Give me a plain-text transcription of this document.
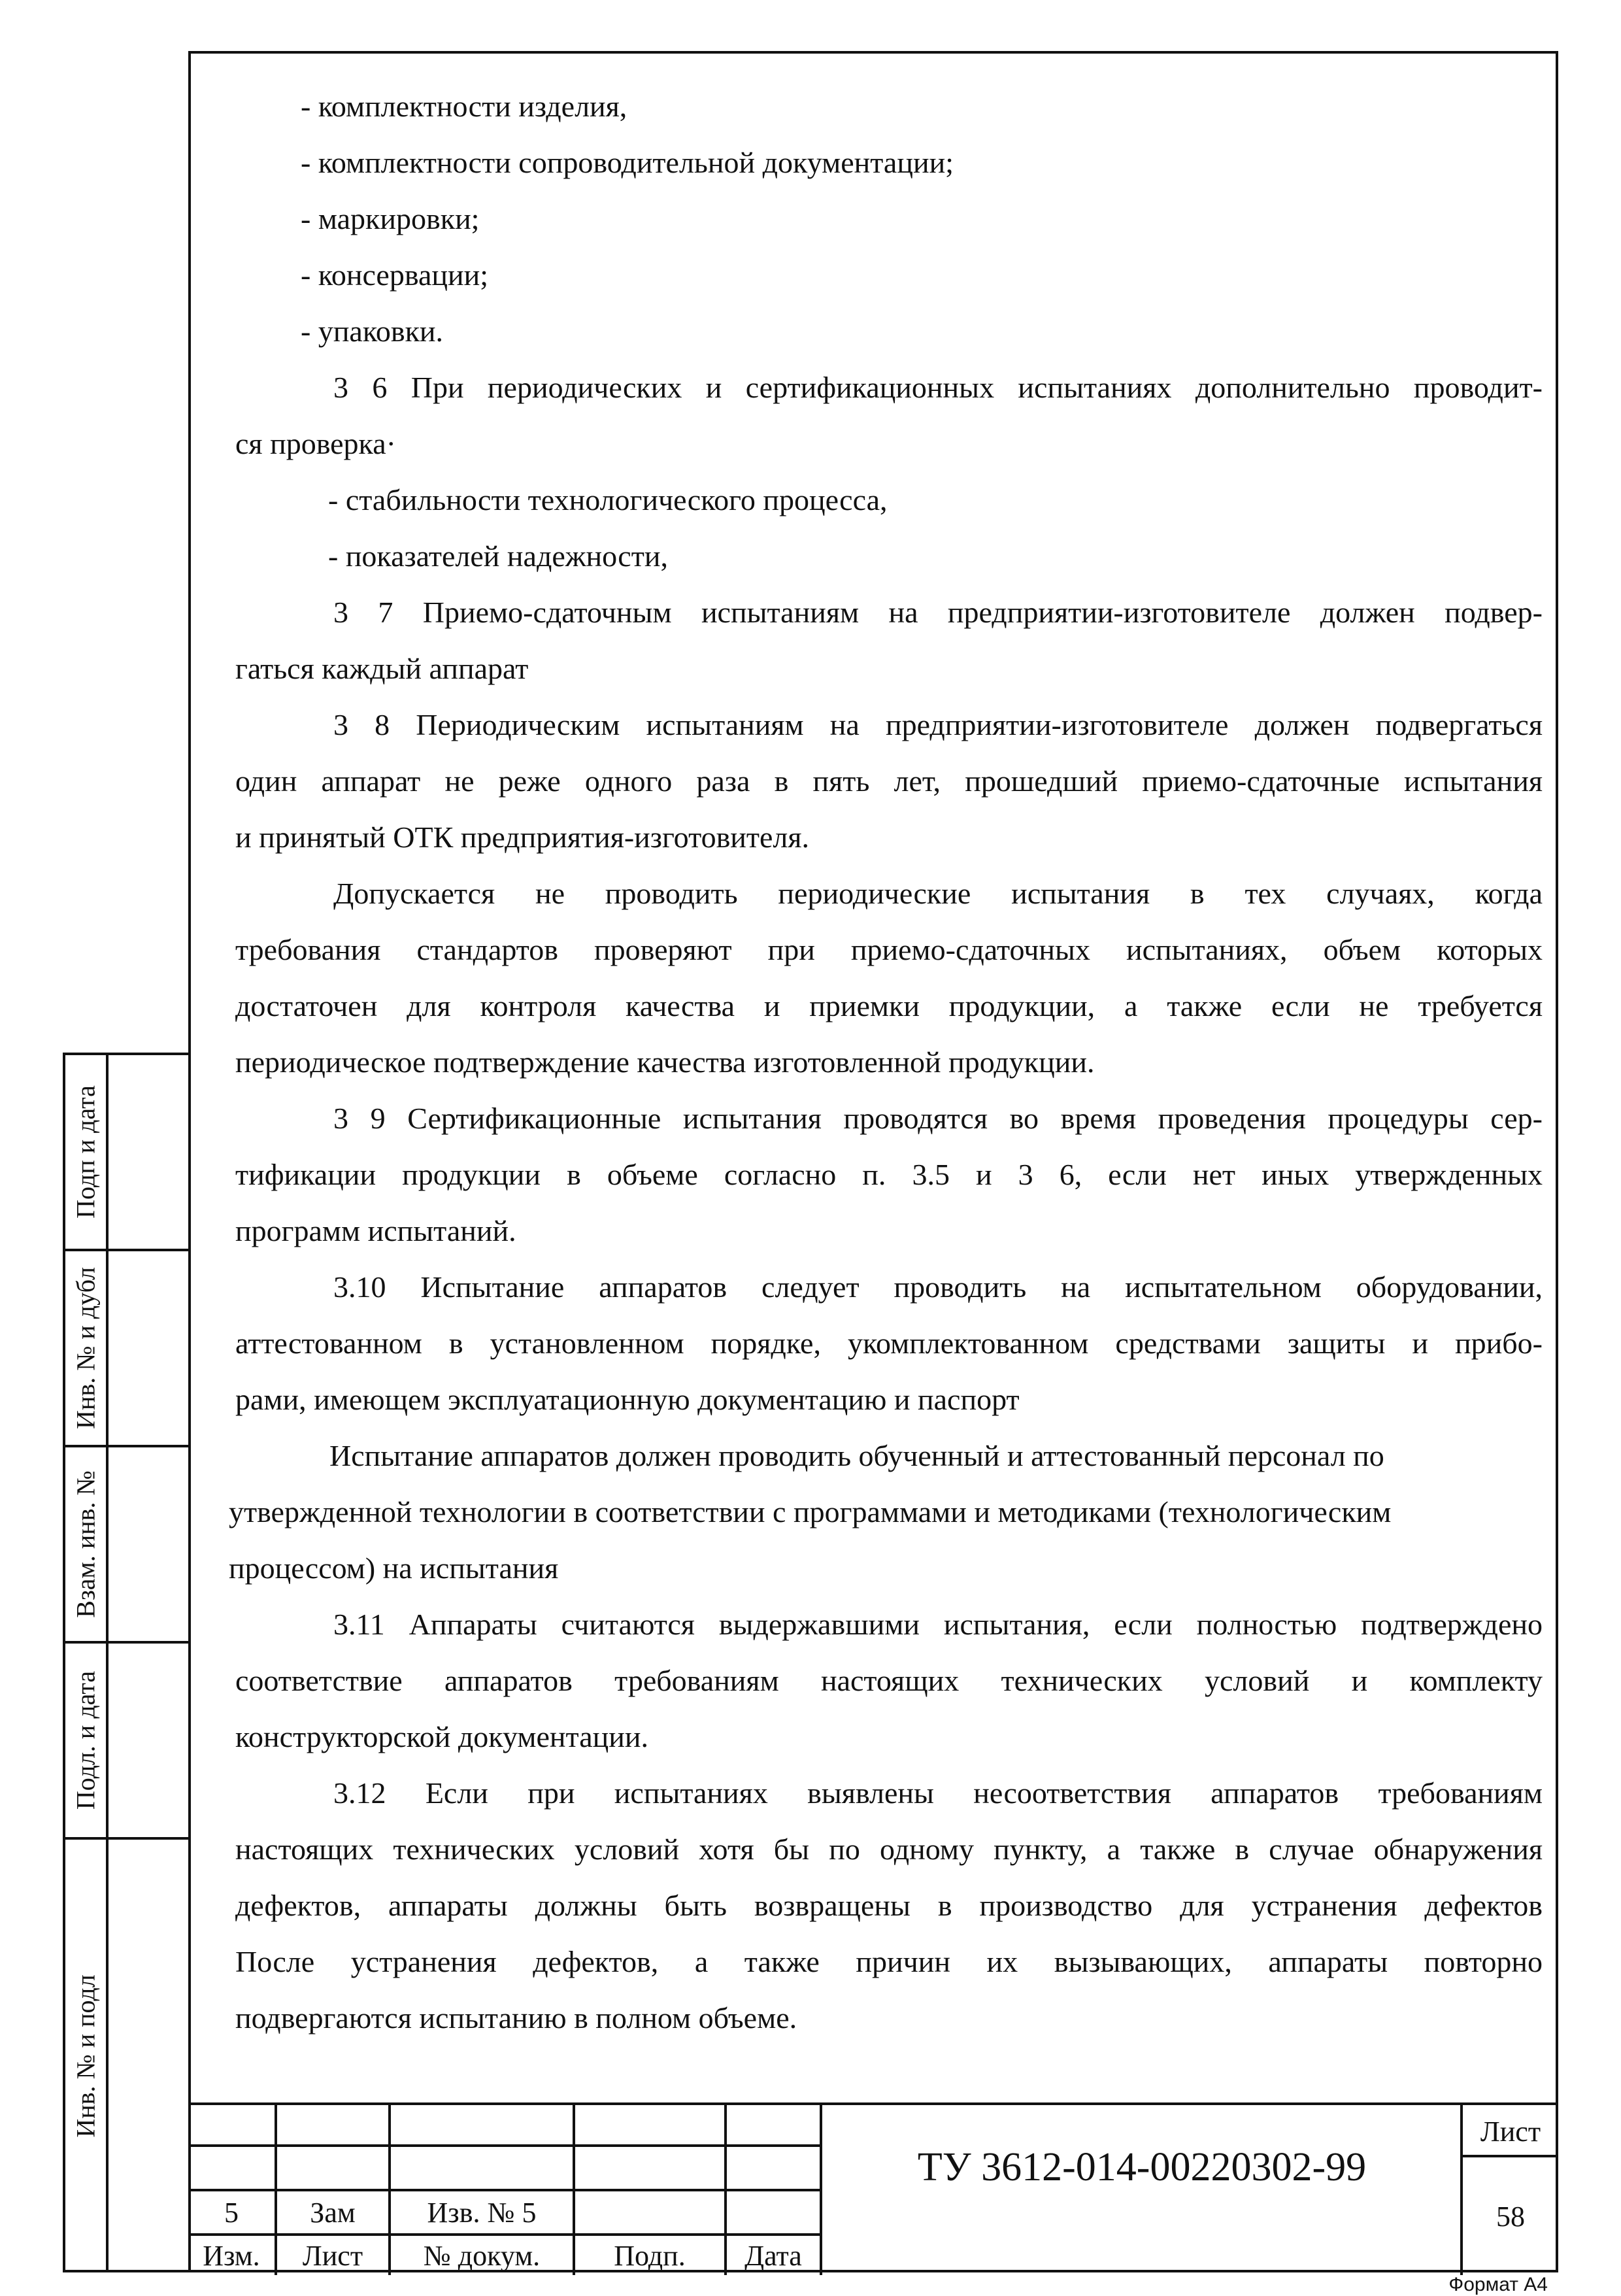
Подп и дата
Инв. № и дубл
Взам. инв. №
Подл. и дата
Инв. № и подл
- комплектности изделия,
- комплектности сопроводительной документации;
- маркировки;
- консервации;
- упаковки.
3 6 При периодических и сертификационных испытаниях дополнительно проводит-
ся проверка·
- стабильности технологического процесса,
- показателей надежности,
3 7 Приемо-сдаточным испытаниям на предприятии-изготовителе должен подвер-
гаться каждый аппарат
3 8 Периодическим испытаниям на предприятии-изготовителе должен подвергаться
один аппарат не реже одного раза в пять лет, прошедший приемо-сдаточные испытания
и принятый ОТК предприятия-изготовителя.
Допускается не проводить периодические испытания в тех случаях, когда
требования стандартов проверяют при приемо-сдаточных испытаниях, объем которых
достаточен для контроля качества и приемки продукции, а также если не требуется
периодическое подтверждение качества изготовленной продукции.
3 9 Сертификационные испытания проводятся во время проведения процедуры сер-
тификации продукции в объеме согласно п. 3.5 и 3 6, если нет иных утвержденных
программ испытаний.
3.10 Испытание аппаратов следует проводить на испытательном оборудовании,
аттестованном в установленном порядке, укомплектованном средствами защиты и прибо-
рами, имеющем эксплуатационную документацию и паспорт
Испытание аппаратов должен проводить обученный и аттестованный персонал по
утвержденной технологии в соответствии с программами и методиками (технологическим
процессом) на испытания
3.11 Аппараты считаются выдержавшими испытания, если полностью подтверждено
соответствие аппаратов требованиям настоящих технических условий и комплекту
конструкторской документации.
3.12 Если при испытаниях выявлены несоответствия аппаратов требованиям
настоящих технических условий хотя бы по одному пункту, а также в случае обнаружения
дефектов, аппараты должны быть возвращены в производство для устранения дефектов
После устранения дефектов, а также причин их вызывающих, аппараты повторно
подвергаются испытанию в полном объеме.
5	Зам	Изв. № 5
Изм.	Лист	№ докум.	Подп.	Дата
ТУ 3612-014-00220302-99
Лист
58
Формат А4
